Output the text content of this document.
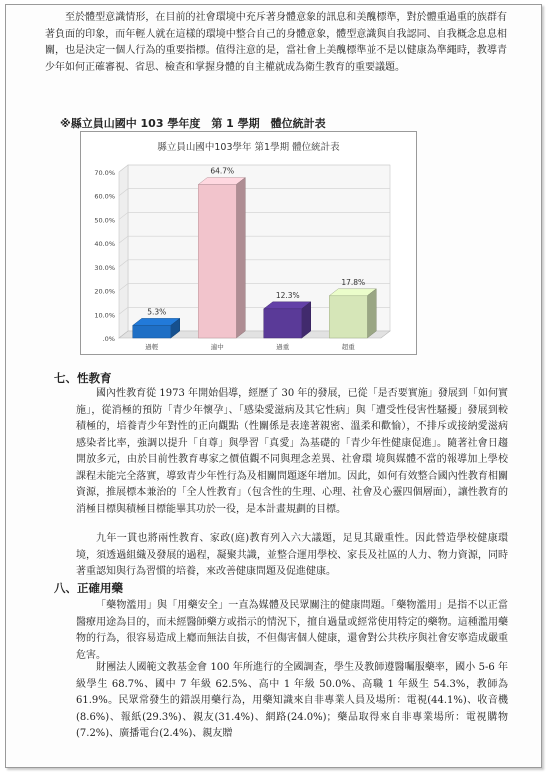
至於體型意識情形，在目前的社會環境中充斥著身體意象的訊息和美醜標準，對於體重過重的族群有著負面的印象，而年輕人就在這樣的環境中整合自己的身體意象，體型意識與自我認同、自我概念息息相關，也是決定一個人行為的重要指標。值得注意的是，當社會上美醜標準並不是以健康為準繩時，教導青少年如何正確審視、省思、檢查和掌握身體的自主權就成為衛生教育的重要議題。

※縣立員山國中 103 學年度　第 1 學期　體位統計表
縣立員山國中103學年 第1學期 體位統計表
70.0%
60.0%
50.0%
40.0%
30.0%
20.0%
10.0%
.0%
5.3%
過輕
64.7%
適中
12.3%
過重
17.8%
超重
七、性教育

國內性教育從 1973 年開始倡導，經歷了 30 年的發展，已從「是否要實施」發展到「如何實施」，從消極的預防「青少年懷孕」、「感染愛滋病及其它性病」與「遭受性侵害性騷擾」發展到較積極的，培養青少年對性的正向觀點（性關係是表達著親密、溫柔和歡愉），不排斥或接納愛滋病感染者比率，強調以提升「自尊」與學習「真愛」為基礎的「青少年性健康促進」。隨著社會日趨開放多元，由於目前性教育專家之價值觀不同與理念差異、社會環 境與媒體不當的報導加上學校課程未能完全落實，導致青少年性行為及相關問題逐年增加。因此，如何有效整合國內性教育相關資源，推展標本兼治的「全人性教育」（包含性的生理、心理、社會及心靈四個層面），讓性教育的消極目標與積極目標能畢其功於一役，是本計畫規劃的目標。

九年一貫也將兩性教育、家政(庭)教育列入六大議題，足見其嚴重性。因此營造學校健康環境，須透過組織及發展的過程，凝聚共識，並整合運用學校、家長及社區的人力、物力資源，同時著重認知與行為習慣的培養，來改善健康問題及促進健康。

八、正確用藥

「藥物濫用」與「用藥安全」一直為媒體及民眾關注的健康問題。「藥物濫用」是指不以正當醫療用途為目的，而未經醫師藥方或指示的情況下，擅自過量或經常使用特定的藥物。這種濫用藥物的行為，很容易造成上癮而無法自拔，不但傷害個人健康，還會對公共秩序與社會安寧造成嚴重危害。

財團法人國範文教基金會 100 年所進行的全國調查，學生及教師遵醫囑服藥率，國小 5-6 年級學生 68.7%、國中 7 年級 62.5%、高中 1 年級 50.0%、高職 1 年級生 54.3%，教師為 61.9%。民眾常發生的錯誤用藥行為，用藥知識來自非專業人員及場所：電視(44.1%)、收音機(8.6%)、報紙(29.3%)、親友(31.4%)、網路(24.0%)；藥品取得來自非專業場所：電視購物(7.2%)、廣播電台(2.4%)、親友贈
